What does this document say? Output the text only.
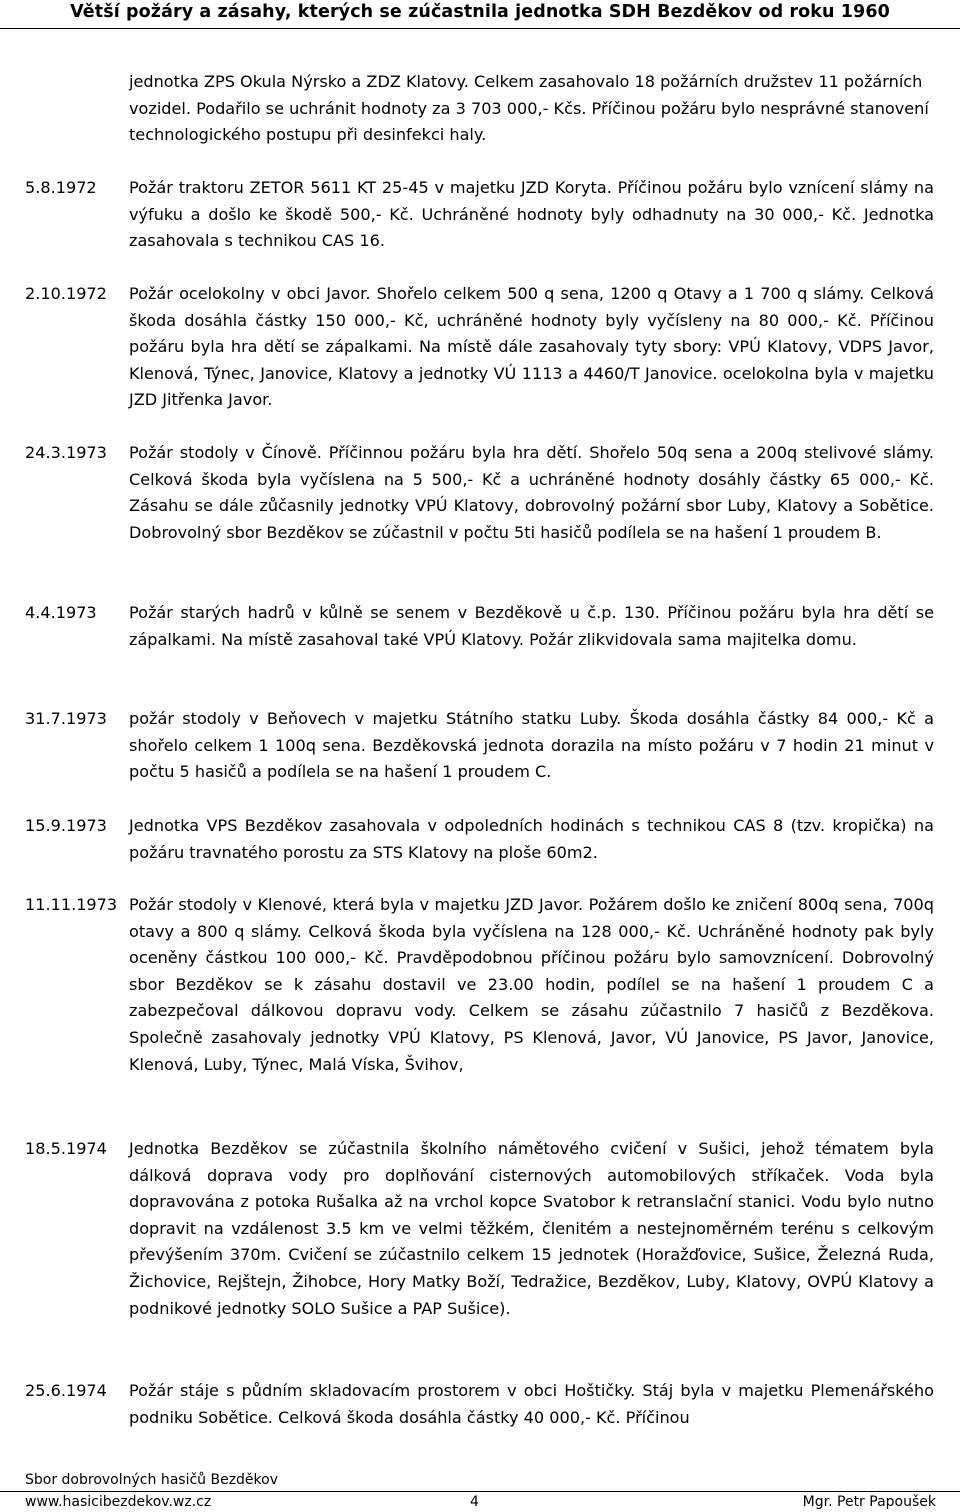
Větší požáry a zásahy, kterých se zúčastnila jednotka SDH Bezděkov od roku 1960
jednotka ZPS Okula Nýrsko a ZDZ Klatovy. Celkem zasahovalo 18 požárních družstev 11 požárních vozidel. Podařilo se uchránit hodnoty za 3 703 000,- Kčs. Příčinou požáru bylo nesprávné stanovení technologického postupu při desinfekci haly.
5.8.1972	Požár traktoru ZETOR 5611 KT 25-45 v majetku JZD Koryta. Příčinou požáru bylo vznícení slámy na výfuku a došlo ke škodě 500,- Kč. Uchráněné hodnoty byly odhadnuty na 30 000,- Kč. Jednotka zasahovala s technikou CAS 16.
2.10.1972	Požár ocelokolny v obci Javor. Shořelo celkem 500 q sena, 1200 q Otavy a 1 700 q slámy. Celková škoda dosáhla částky 150 000,- Kč, uchráněné hodnoty byly vyčísleny na 80 000,- Kč. Příčinou požáru byla hra dětí se zápalkami. Na místě dále zasahovaly tyty sbory: VPÚ Klatovy, VDPS Javor, Klenová, Týnec, Janovice, Klatovy a jednotky VÚ 1113 a 4460/T Janovice. ocelokolna byla v majetku JZD Jitřenka Javor.
24.3.1973	Požár stodoly v Čínově. Příčinnou požáru byla hra dětí. Shořelo 50q sena a 200q stelivové slámy. Celková škoda byla vyčíslena na 5 500,- Kč a uchráněné hodnoty dosáhly částky 65 000,- Kč. Zásahu se dále zůčasnily jednotky VPÚ Klatovy, dobrovolný požární sbor Luby, Klatovy a Sobětice. Dobrovolný sbor Bezděkov se zúčastnil v počtu 5ti hasičů podílela se na hašení 1 proudem B.
4.4.1973	Požár starých hadrů v kůlně se senem v Bezděkově u č.p. 130. Příčinou požáru byla hra dětí se zápalkami. Na místě zasahoval také VPÚ Klatovy. Požár zlikvidovala sama majitelka domu.
31.7.1973	požár stodoly v Beňovech v majetku Státního statku Luby. Škoda dosáhla částky 84 000,- Kč a shořelo celkem 1 100q sena. Bezděkovská jednota dorazila na místo požáru v 7 hodin 21 minut v počtu 5 hasičů a podílela se na hašení 1 proudem C.
15.9.1973	Jednotka VPS Bezděkov zasahovala v odpoledních hodinách s technikou CAS 8 (tzv. kropička) na požáru travnatého porostu za STS Klatovy na ploše 60m2.
11.11.1973 Požár stodoly v Klenové, která byla v majetku JZD Javor. Požárem došlo ke zničení 800q sena, 700q otavy a 800 q slámy. Celková škoda byla vyčíslena na 128 000,- Kč. Uchráněné hodnoty pak byly oceněny částkou 100 000,- Kč. Pravděpodobnou příčinou požáru bylo samovznícení. Dobrovolný sbor Bezděkov se k zásahu dostavil ve 23.00 hodin, podílel se na hašení 1 proudem C a zabezpečoval dálkovou dopravu vody. Celkem se zásahu zúčastnilo 7 hasičů z Bezděkova. Společně zasahovaly jednotky VPÚ Klatovy, PS Klenová, Javor, VÚ Janovice, PS Javor, Janovice, Klenová, Luby, Týnec, Malá Víska, Švihov,
18.5.1974	Jednotka Bezděkov se zúčastnila školního námětového cvičení v Sušici, jehož tématem byla dálková doprava vody pro doplňování cisternových automobilových stříkaček. Voda byla dopravována z potoka Rušalka až na vrchol kopce Svatobor k retranslační stanici. Vodu bylo nutno dopravit na vzdálenost 3.5 km ve velmi těžkém, členitém a nestejnoměrném terénu s celkovým převýšením 370m. Cvičení se zúčastnilo celkem 15 jednotek (Horažďovice, Sušice, Železná Ruda, Žichovice, Rejštejn, Žihobce, Hory Matky Boží, Tedražice, Bezděkov, Luby, Klatovy, OVPÚ Klatovy a podnikové jednotky SOLO Sušice a PAP Sušice).
25.6.1974	Požár stáje s půdním skladovacím prostorem v obci Hoštičky. Stáj byla v majetku Plemenářského podniku Sobětice. Celková škoda dosáhla částky 40 000,- Kč. Příčinou
Sbor dobrovolných hasičů Bezděkov
www.hasicibezdekov.wz.cz	4	Mgr. Petr Papoušek
